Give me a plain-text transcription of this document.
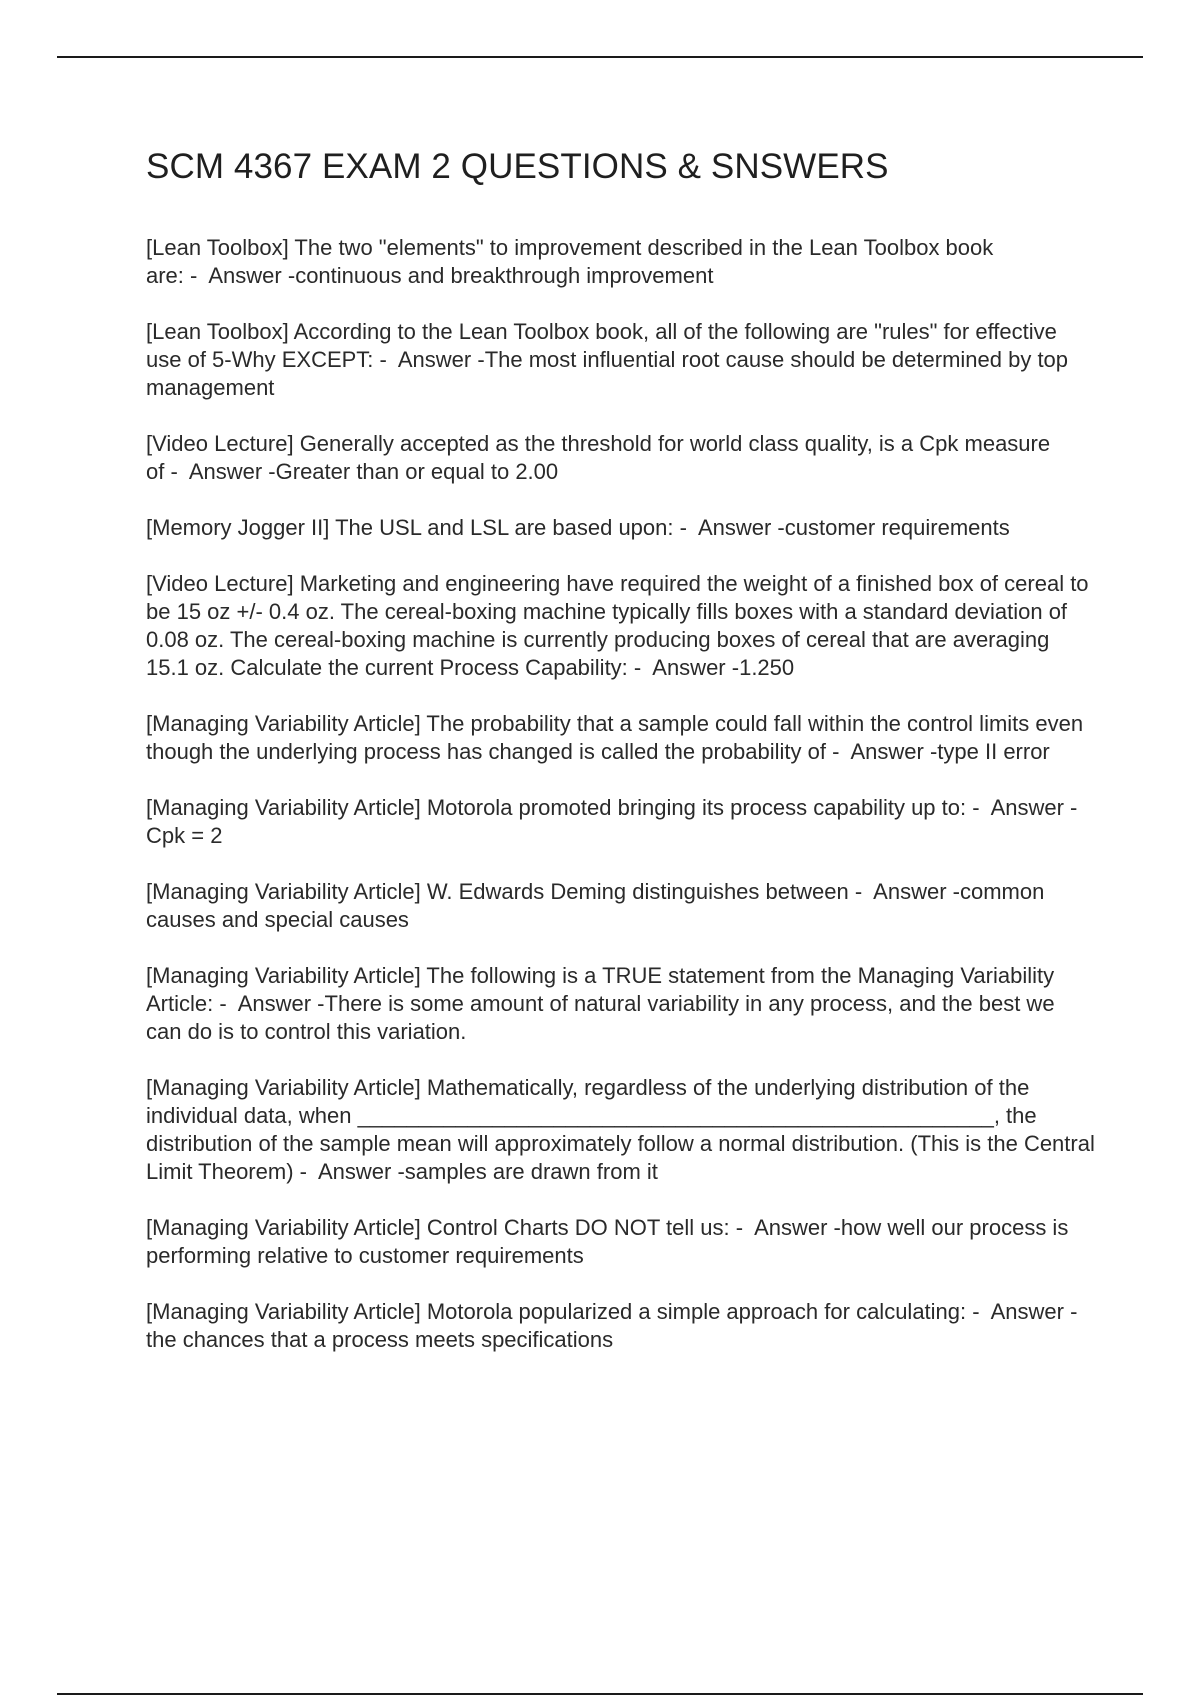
SCM 4367 EXAM 2 QUESTIONS & SNSWERS
[Lean Toolbox] The two "elements" to improvement described in the Lean Toolbox book are: - Answer - continuous and breakthrough improvement
[Lean Toolbox] According to the Lean Toolbox book, all of the following are "rules" for effective use of 5-Why EXCEPT: - Answer - The most influential root cause should be determined by top management
[Video Lecture] Generally accepted as the threshold for world class quality, is a Cpk measure of - Answer - Greater than or equal to 2.00
[Memory Jogger II] The USL and LSL are based upon: - Answer - customer requirements
[Video Lecture] Marketing and engineering have required the weight of a finished box of cereal to be 15 oz +/- 0.4 oz. The cereal-boxing machine typically fills boxes with a standard deviation of 0.08 oz. The cereal-boxing machine is currently producing boxes of cereal that are averaging 15.1 oz. Calculate the current Process Capability: - Answer - 1.250
[Managing Variability Article] The probability that a sample could fall within the control limits even though the underlying process has changed is called the probability of - Answer - type II error
[Managing Variability Article] Motorola promoted bringing its process capability up to: - Answer -Cpk = 2
[Managing Variability Article] W. Edwards Deming distinguishes between - Answer - common causes and special causes
[Managing Variability Article] The following is a TRUE statement from the Managing Variability Article: - Answer - There is some amount of natural variability in any process, and the best we can do is to control this variation.
[Managing Variability Article] Mathematically, regardless of the underlying distribution of the individual data, when ____________________________________________________, the distribution of the sample mean will approximately follow a normal distribution. (This is the Central Limit Theorem) - Answer - samples are drawn from it
[Managing Variability Article] Control Charts DO NOT tell us: - Answer - how well our process is performing relative to customer requirements
[Managing Variability Article] Motorola popularized a simple approach for calculating: - Answer -the chances that a process meets specifications
